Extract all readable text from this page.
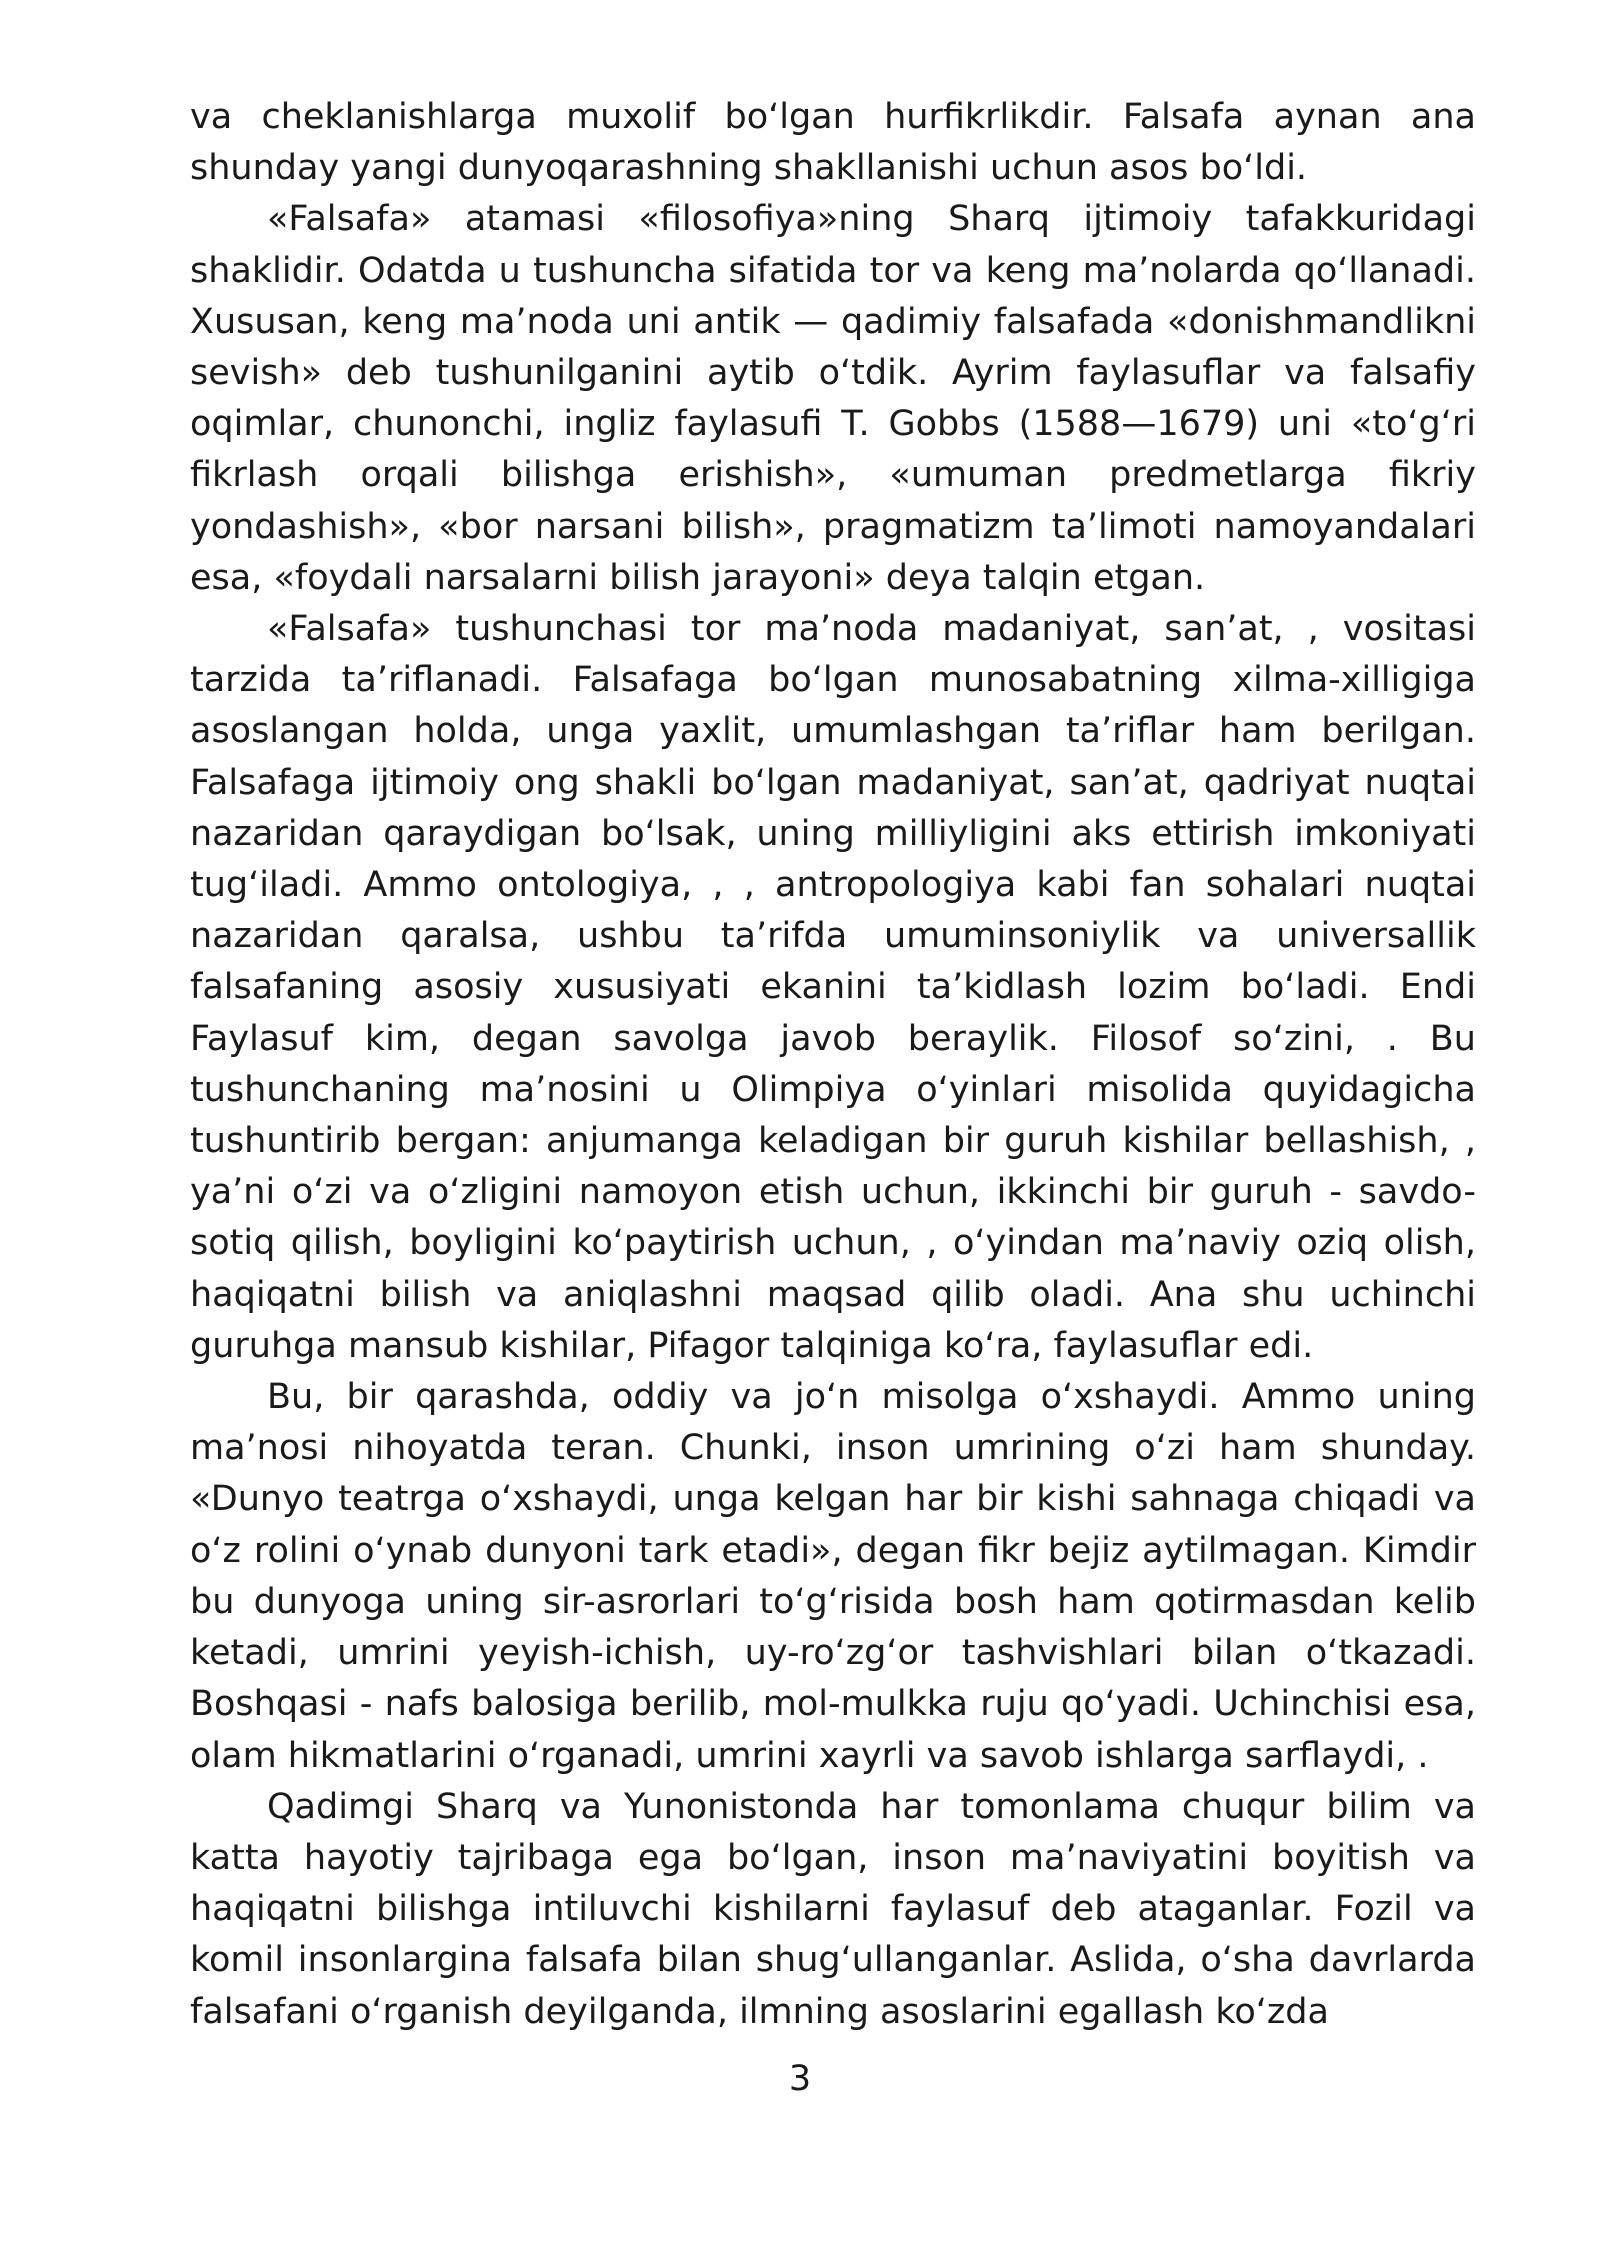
va cheklanishlarga muxolif boʻlgan hurfikrlikdir. Falsafa aynan ana shunday yangi dunyoqarashning shakllanishi uchun asos boʻldi.

«Falsafa» atamasi «filosofiya»ning Sharq ijtimoiy tafakkuridagi shaklidir. Odatda u tushuncha sifatida tor va keng maʼnolarda qoʻllanadi. Xususan, keng maʼnoda uni antik — qadimiy falsafada «donishmandlikni sevish» deb tushunilganini aytib oʻtdik. Ayrim faylasuflar va falsafiy oqimlar, chunonchi, ingliz faylasufi T. Gobbs (1588—1679) uni «toʻgʻri fikrlash orqali bilishga erishish», «umuman predmetlarga fikriy yondashish», «bor narsani bilish», pragmatizm taʼlimoti namoyandalari esa, «foydali narsalarni bilish jarayoni» deya talqin etgan.

«Falsafa» tushunchasi tor maʼnoda madaniyat, sanʼat, , vositasi tarzida taʼriflanadi. Falsafaga boʻlgan munosabatning xilma-xilligiga asoslangan holda, unga yaxlit, umumlashgan taʼriflar ham berilgan. Falsafaga ijtimoiy ong shakli boʻlgan madaniyat, sanʼat, qadriyat nuqtai nazaridan qaraydigan boʻlsak, uning milliyligini aks ettirish imkoniyati tugʻiladi. Ammo ontologiya, , , antropologiya kabi fan sohalari nuqtai nazaridan qaralsa, ushbu taʼrifda umuminsoniylik va universallik falsafaning asosiy xususiyati ekanini taʼkidlash lozim boʻladi. Endi Faylasuf kim, degan savolga javob beraylik. Filosof soʻzini, . Bu tushunchaning maʼnosini u Olimpiya oʻyinlari misolida quyidagicha tushuntirib bergan: anjumanga keladigan bir guruh kishilar bellashish, , yaʼni oʻzi va oʻzligini namoyon etish uchun, ikkinchi bir guruh - savdo-sotiq qilish, boyligini koʻpaytirish uchun, , oʻyindan maʼnaviy oziq olish, haqiqatni bilish va aniqlashni maqsad qilib oladi. Ana shu uchinchi guruhga mansub kishilar, Pifagor talqiniga koʻra, faylasuflar edi.

Bu, bir qarashda, oddiy va joʻn misolga oʻxshaydi. Ammo uning maʼnosi nihoyatda teran. Chunki, inson umrining oʻzi ham shunday. «Dunyo teatrga oʻxshaydi, unga kelgan har bir kishi sahnaga chiqadi va oʻz rolini oʻynab dunyoni tark etadi», degan fikr bejiz aytilmagan. Kimdir bu dunyoga uning sir-asrorlari toʻgʻrisida bosh ham qotirmasdan kelib ketadi, umrini yeyish-ichish, uy-roʻzgʻor tashvishlari bilan oʻtkazadi. Boshqasi - nafs balosiga berilib, mol-mulkka ruju qoʻyadi. Uchinchisi esa, olam hikmatlarini oʻrganadi, umrini xayrli va savob ishlarga sarflaydi, .

Qadimgi Sharq va Yunonistonda har tomonlama chuqur bilim va katta hayotiy tajribaga ega boʻlgan, inson maʼnaviyatini boyitish va haqiqatni bilishga intiluvchi kishilarni faylasuf deb ataganlar. Fozil va komil insonlargina falsafa bilan shugʻullanganlar. Aslida, oʻsha davrlarda falsafani oʻrganish deyilganda, ilmning asoslarini egallash koʻzda

3
